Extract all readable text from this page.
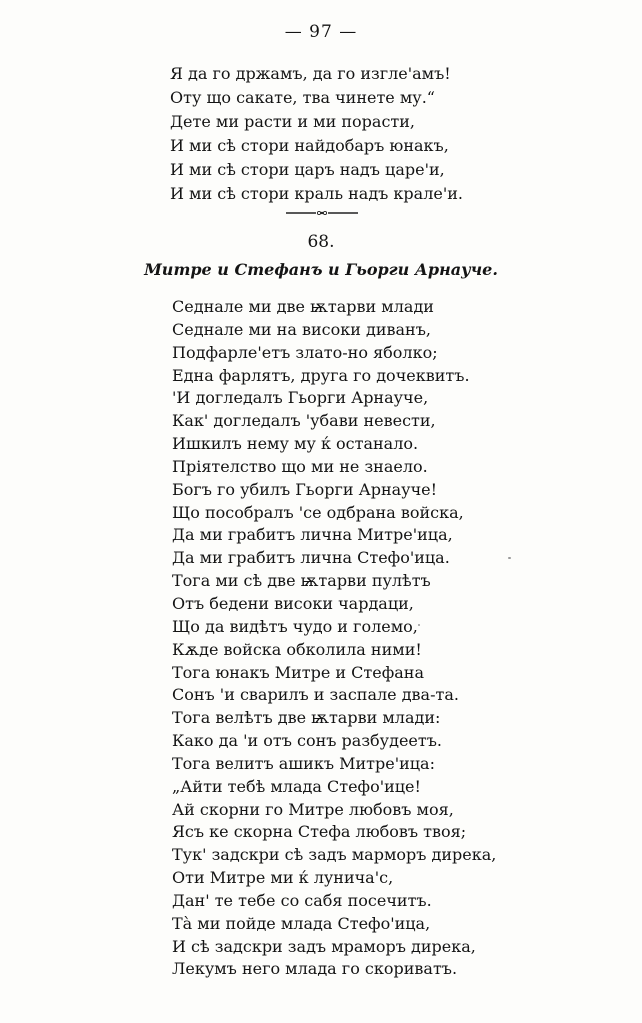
— 97 —
Я да го држамъ, да го изгле'амъ!
Оту що сакате, тва чинете му.“
Дете ми расти и ми порасти,
И ми сѣ стори найдобаръ юнакъ,
И ми сѣ стори царъ надъ царе'и,
И ми сѣ стори краль надъ крале'и.
68.
Митре и Стефанъ и Гьорги Арнауче.
Седнале ми две ѭтарви млади
Седнале ми на високи диванъ,
Подфарле'етъ злато-но яболко;
Една фарлятъ, друга го дочеквитъ.
'И догледалъ Гьорги Арнауче,
Как' догледалъ 'убави невести,
Ишкилъ нему му ќ останало.
Пріятелство що ми не знаело.
Богъ го убилъ Гьорги Арнауче!
Що пособралъ 'се одбрана войска,
Да ми грабитъ лична Митре'ица,
Да ми грабитъ лична Стефо'ица.
Тога ми сѣ две ѭтарви пулѣтъ
Отъ бедени високи чардаци,
Що да видѣтъ чудо и големо,
Кѫде войска обколила ними!
Тога юнакъ Митре и Стефана
Сонъ 'и сварилъ и заспале два-та.
Тога велѣтъ две ѭтарви млади:
Како да 'и отъ сонъ разбудеетъ.
Тога велитъ ашикъ Митре'ица:
„Айти тебѣ млада Стефо'ице!
Ай скорни го Митре любовъ моя,
Ясъ ке скорна Стефа любовъ твоя;
Тук' задскри сѣ задъ марморъ дирека,
Оти Митре ми ќ лунича'с,
Дан' те тебе со сабя посечитъ.
Тà ми пойде млада Стефо'ица,
И сѣ задскри задъ мраморъ дирека,
Лекумъ него млада го скориватъ.
